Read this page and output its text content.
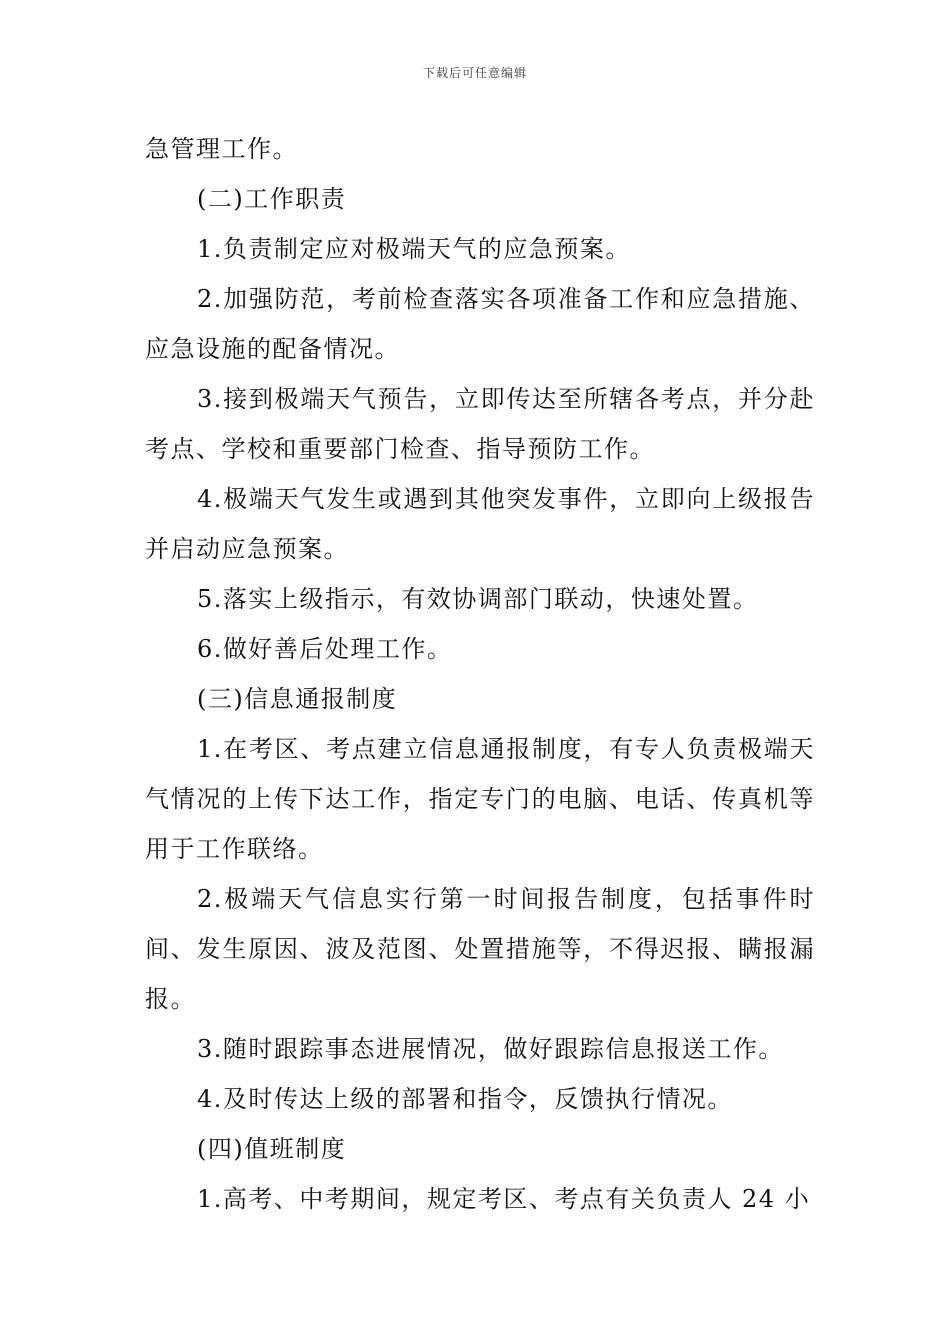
下载后可任意编辑

急管理工作。

(二)工作职责

1.负责制定应对极端天气的应急预案。

2.加强防范，考前检查落实各项准备工作和应急措施、应急设施的配备情况。

3.接到极端天气预告，立即传达至所辖各考点，并分赴考点、学校和重要部门检查、指导预防工作。

4.极端天气发生或遇到其他突发事件，立即向上级报告并启动应急预案。

5.落实上级指示，有效协调部门联动，快速处置。

6.做好善后处理工作。

(三)信息通报制度

1.在考区、考点建立信息通报制度，有专人负责极端天气情况的上传下达工作，指定专门的电脑、电话、传真机等用于工作联络。

2.极端天气信息实行第一时间报告制度，包括事件时间、发生原因、波及范图、处置措施等，不得迟报、瞒报漏报。

3.随时跟踪事态进展情况，做好跟踪信息报送工作。

4.及时传达上级的部署和指令，反馈执行情况。

(四)值班制度

1.高考、中考期间，规定考区、考点有关负责人 24 小
